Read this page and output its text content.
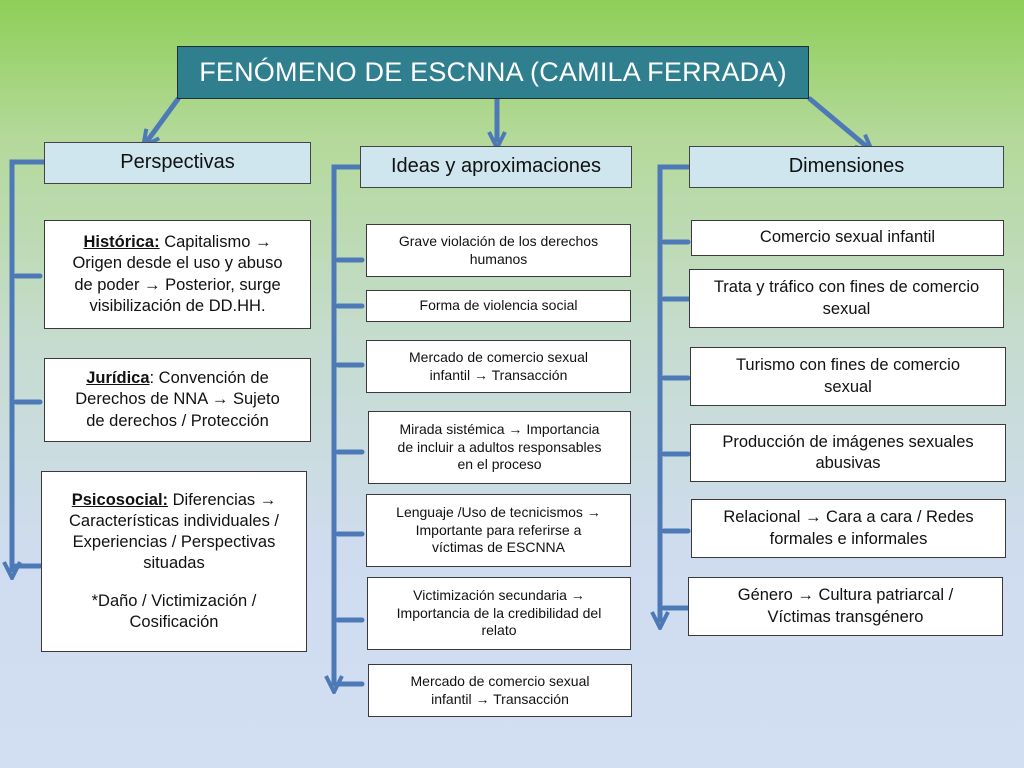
FENÓMENO DE ESCNNA (CAMILA FERRADA)
Perspectivas	Ideas y aproximaciones	Dimensiones
Histórica: Capitalismo →
Origen desde el uso y abuso
de poder → Posterior, surge
visibilización de DD.HH.
Jurídica: Convención de
Derechos de NNA → Sujeto
de derechos / Protección
Psicosocial: Diferencias →
Características individuales /
Experiencias / Perspectivas
situadas
*Daño / Victimización /
Cosificación
Grave violación de los derechos
humanos
Forma de violencia social
Mercado de comercio sexual
infantil → Transacción
Mirada sistémica → Importancia
de incluir a adultos responsables
en el proceso
Lenguaje /Uso de tecnicismos →
Importante para referirse a
víctimas de ESCNNA
Victimización secundaria →
Importancia de la credibilidad del
relato
Mercado de comercio sexual
infantil → Transacción
Comercio sexual infantil
Trata y tráfico con fines de comercio
sexual
Turismo con fines de comercio
sexual
Producción de imágenes sexuales
abusivas
Relacional → Cara a cara / Redes
formales e informales
Género → Cultura patriarcal /
Víctimas transgénero
